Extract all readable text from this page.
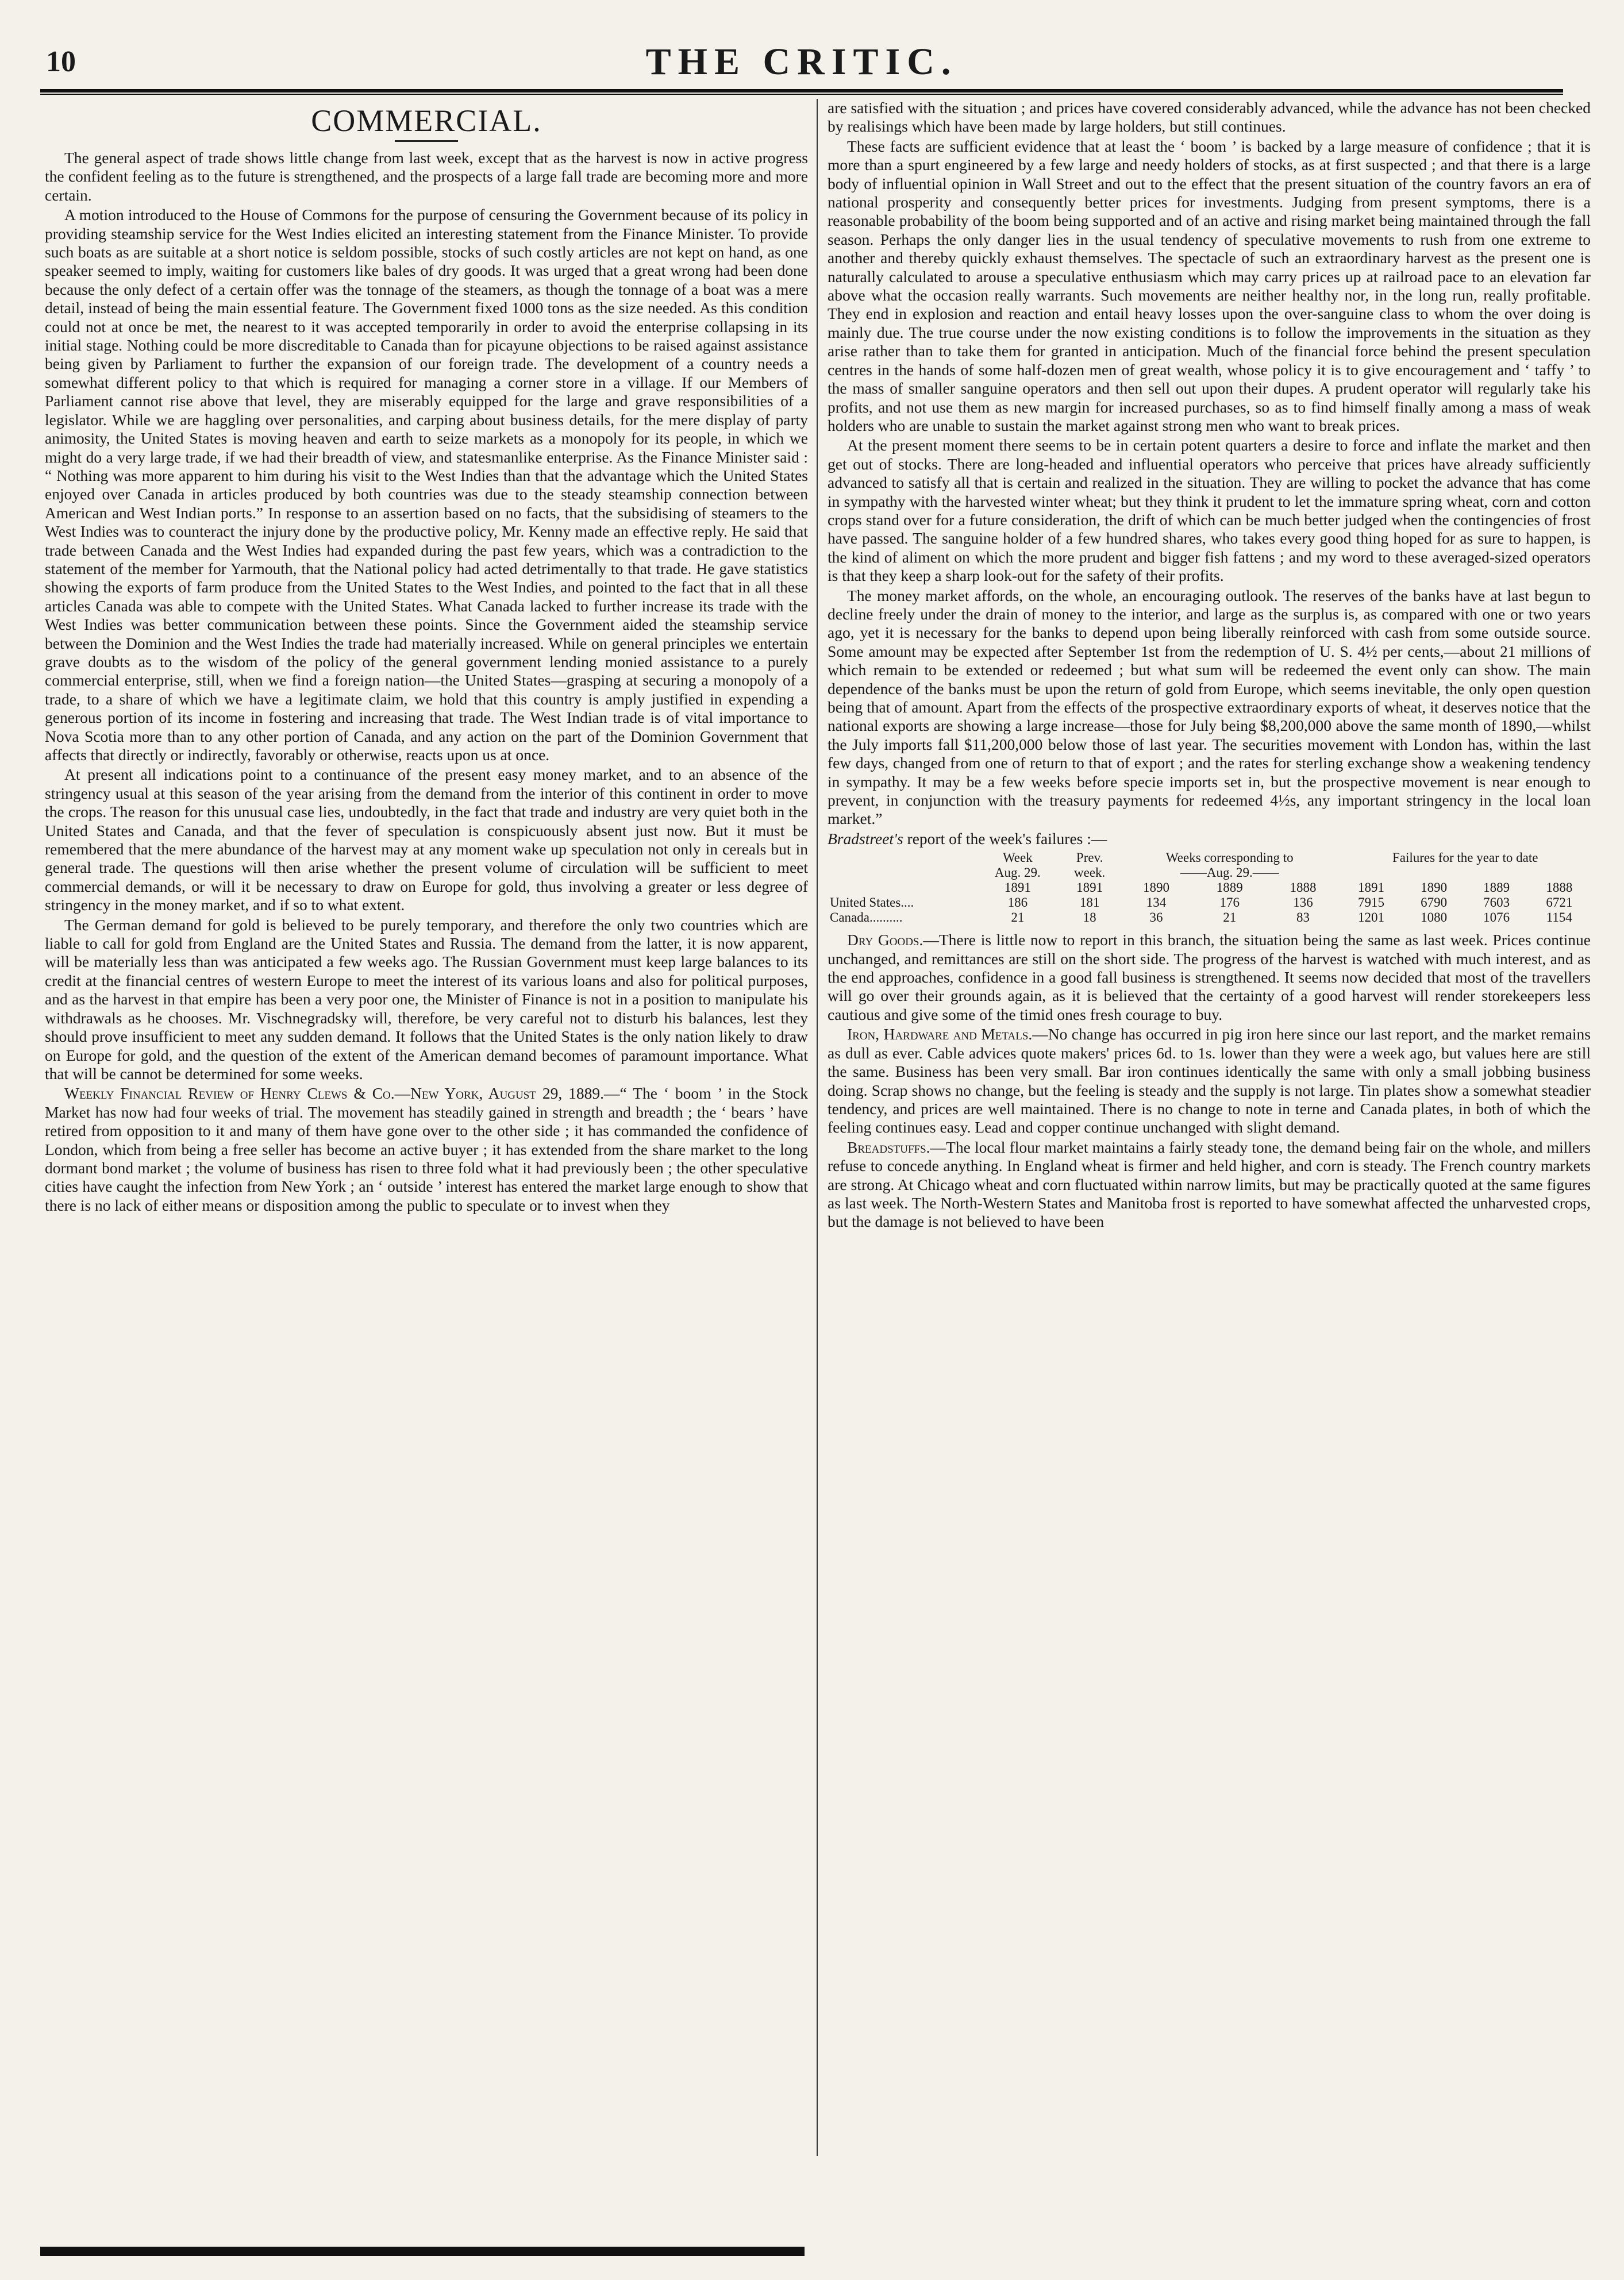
10	THE CRITIC.
COMMERCIAL.

The general aspect of trade shows little change from last week, except that as the harvest is now in active progress the confident feeling as to the future is strengthened, and the prospects of a large fall trade are becoming more and more certain.

A motion introduced to the House of Commons for the purpose of censuring the Government because of its policy in providing steamship service for the West Indies elicited an interesting statement from the Finance Minister. To provide such boats as are suitable at a short notice is seldom possible, stocks of such costly articles are not kept on hand, as one speaker seemed to imply, waiting for customers like bales of dry goods. It was urged that a great wrong had been done because the only defect of a certain offer was the tonnage of the steamers, as though the tonnage of a boat was a mere detail, instead of being the main essential feature. The Government fixed 1000 tons as the size needed. As this condition could not at once be met, the nearest to it was accepted temporarily in order to avoid the enterprise collapsing in its initial stage. Nothing could be more discreditable to Canada than for picayune objections to be raised against assistance being given by Parliament to further the expansion of our foreign trade. The development of a country needs a somewhat different policy to that which is required for managing a corner store in a village. If our Members of Parliament cannot rise above that level, they are miserably equipped for the large and grave responsibilities of a legislator. While we are haggling over personalities, and carping about business details, for the mere display of party animosity, the United States is moving heaven and earth to seize markets as a monopoly for its people, in which we might do a very large trade, if we had their breadth of view, and statesmanlike enterprise. As the Finance Minister said : “ Nothing was more apparent to him during his visit to the West Indies than that the advantage which the United States enjoyed over Canada in articles produced by both countries was due to the steady steamship connection between American and West Indian ports.” In response to an assertion based on no facts, that the subsidising of steamers to the West Indies was to counteract the injury done by the productive policy, Mr. Kenny made an effective reply. He said that trade between Canada and the West Indies had expanded during the past few years, which was a contradiction to the statement of the member for Yarmouth, that the National policy had acted detrimentally to that trade. He gave statistics showing the exports of farm produce from the United States to the West Indies, and pointed to the fact that in all these articles Canada was able to compete with the United States. What Canada lacked to further increase its trade with the West Indies was better communication between these points. Since the Government aided the steamship service between the Dominion and the West Indies the trade had materially increased. While on general principles we entertain grave doubts as to the wisdom of the policy of the general government lending monied assistance to a purely commercial enterprise, still, when we find a foreign nation—the United States—grasping at securing a monopoly of a trade, to a share of which we have a legitimate claim, we hold that this country is amply justified in expending a generous portion of its income in fostering and increasing that trade. The West Indian trade is of vital importance to Nova Scotia more than to any other portion of Canada, and any action on the part of the Dominion Government that affects that directly or indirectly, favorably or otherwise, reacts upon us at once.

At present all indications point to a continuance of the present easy money market, and to an absence of the stringency usual at this season of the year arising from the demand from the interior of this continent in order to move the crops. The reason for this unusual case lies, undoubtedly, in the fact that trade and industry are very quiet both in the United States and Canada, and that the fever of speculation is conspicuously absent just now. But it must be remembered that the mere abundance of the harvest may at any moment wake up speculation not only in cereals but in general trade. The questions will then arise whether the present volume of circulation will be sufficient to meet commercial demands, or will it be necessary to draw on Europe for gold, thus involving a greater or less degree of stringency in the money market, and if so to what extent.

The German demand for gold is believed to be purely temporary, and therefore the only two countries which are liable to call for gold from England are the United States and Russia. The demand from the latter, it is now apparent, will be materially less than was anticipated a few weeks ago. The Russian Government must keep large balances to its credit at the financial centres of western Europe to meet the interest of its various loans and also for political purposes, and as the harvest in that empire has been a very poor one, the Minister of Finance is not in a position to manipulate his withdrawals as he chooses. Mr. Vischnegradsky will, therefore, be very careful not to disturb his balances, lest they should prove insufficient to meet any sudden demand. It follows that the United States is the only nation likely to draw on Europe for gold, and the question of the extent of the American demand becomes of paramount importance. What that will be cannot be determined for some weeks.

Weekly Financial Review of Henry Clews & Co.—New York, August 29, 1889.—“ The ‘ boom ’ in the Stock Market has now had four weeks of trial. The movement has steadily gained in strength and breadth ; the ‘ bears ’ have retired from opposition to it and many of them have gone over to the other side ; it has commanded the confidence of London, which from being a free seller has become an active buyer ; it has extended from the share market to the long dormant bond market ; the volume of business has risen to three fold what it had previously been ; the other speculative cities have caught the infection from New York ; an ‘ outside ’ interest has entered the market large enough to show that there is no lack of either means or disposition among the public to speculate or to invest when they

are satisfied with the situation ; and prices have covered considerably advanced, while the advance has not been checked by realisings which have been made by large holders, but still continues.

These facts are sufficient evidence that at least the ‘ boom ’ is backed by a large measure of confidence ; that it is more than a spurt engineered by a few large and needy holders of stocks, as at first suspected ; and that there is a large body of influential opinion in Wall Street and out to the effect that the present situation of the country favors an era of national prosperity and consequently better prices for investments. Judging from present symptoms, there is a reasonable probability of the boom being supported and of an active and rising market being maintained through the fall season. Perhaps the only danger lies in the usual tendency of speculative movements to rush from one extreme to another and thereby quickly exhaust themselves. The spectacle of such an extraordinary harvest as the present one is naturally calculated to arouse a speculative enthusiasm which may carry prices up at railroad pace to an elevation far above what the occasion really warrants. Such movements are neither healthy nor, in the long run, really profitable. They end in explosion and reaction and entail heavy losses upon the over-sanguine class to whom the over doing is mainly due. The true course under the now existing conditions is to follow the improvements in the situation as they arise rather than to take them for granted in anticipation. Much of the financial force behind the present speculation centres in the hands of some half-dozen men of great wealth, whose policy it is to give encouragement and ‘ taffy ’ to the mass of smaller sanguine operators and then sell out upon their dupes. A prudent operator will regularly take his profits, and not use them as new margin for increased purchases, so as to find himself finally among a mass of weak holders who are unable to sustain the market against strong men who want to break prices.

At the present moment there seems to be in certain potent quarters a desire to force and inflate the market and then get out of stocks. There are long-headed and influential operators who perceive that prices have already sufficiently advanced to satisfy all that is certain and realized in the situation. They are willing to pocket the advance that has come in sympathy with the harvested winter wheat; but they think it prudent to let the immature spring wheat, corn and cotton crops stand over for a future consideration, the drift of which can be much better judged when the contingencies of frost have passed. The sanguine holder of a few hundred shares, who takes every good thing hoped for as sure to happen, is the kind of aliment on which the more prudent and bigger fish fattens ; and my word to these averaged-sized operators is that they keep a sharp look-out for the safety of their profits.

The money market affords, on the whole, an encouraging outlook. The reserves of the banks have at last begun to decline freely under the drain of money to the interior, and large as the surplus is, as compared with one or two years ago, yet it is necessary for the banks to depend upon being liberally reinforced with cash from some outside source. Some amount may be expected after September 1st from the redemption of U. S. 4½ per cents,—about 21 millions of which remain to be extended or redeemed ; but what sum will be redeemed the event only can show. The main dependence of the banks must be upon the return of gold from Europe, which seems inevitable, the only open question being that of amount. Apart from the effects of the prospective extraordinary exports of wheat, it deserves notice that the national exports are showing a large increase—those for July being $8,200,000 above the same month of 1890,—whilst the July imports fall $11,200,000 below those of last year. The securities movement with London has, within the last few days, changed from one of return to that of export ; and the rates for sterling exchange show a weakening tendency in sympathy. It may be a few weeks before specie imports set in, but the prospective movement is near enough to prevent, in conjunction with the treasury payments for redeemed 4½s, any important stringency in the local loan market.”

Bradstreet's report of the week's failures :—

	Week	Prev.	Weeks corresponding to			Failures for the year to date			
	Aug. 29.	week.	——Aug. 29.——						
	1891	1891	1890	1889	1888	1891	1890	1889	1888
United States....	186	181	134	176	136	7915	6790	7603	6721
Canada..........	21	18	36	21	83	1201	1080	1076	1154

Dry Goods.—There is little now to report in this branch, the situation being the same as last week. Prices continue unchanged, and remittances are still on the short side. The progress of the harvest is watched with much interest, and as the end approaches, confidence in a good fall business is strengthened. It seems now decided that most of the travellers will go over their grounds again, as it is believed that the certainty of a good harvest will render storekeepers less cautious and give some of the timid ones fresh courage to buy.

Iron, Hardware and Metals.—No change has occurred in pig iron here since our last report, and the market remains as dull as ever. Cable advices quote makers' prices 6d. to 1s. lower than they were a week ago, but values here are still the same. Business has been very small. Bar iron continues identically the same with only a small jobbing business doing. Scrap shows no change, but the feeling is steady and the supply is not large. Tin plates show a somewhat steadier tendency, and prices are well maintained. There is no change to note in terne and Canada plates, in both of which the feeling continues easy. Lead and copper continue unchanged with slight demand.

Breadstuffs.—The local flour market maintains a fairly steady tone, the demand being fair on the whole, and millers refuse to concede anything. In England wheat is firmer and held higher, and corn is steady. The French country markets are strong. At Chicago wheat and corn fluctuated within narrow limits, but may be practically quoted at the same figures as last week. The North-Western States and Manitoba frost is reported to have somewhat affected the unharvested crops, but the damage is not believed to have been
